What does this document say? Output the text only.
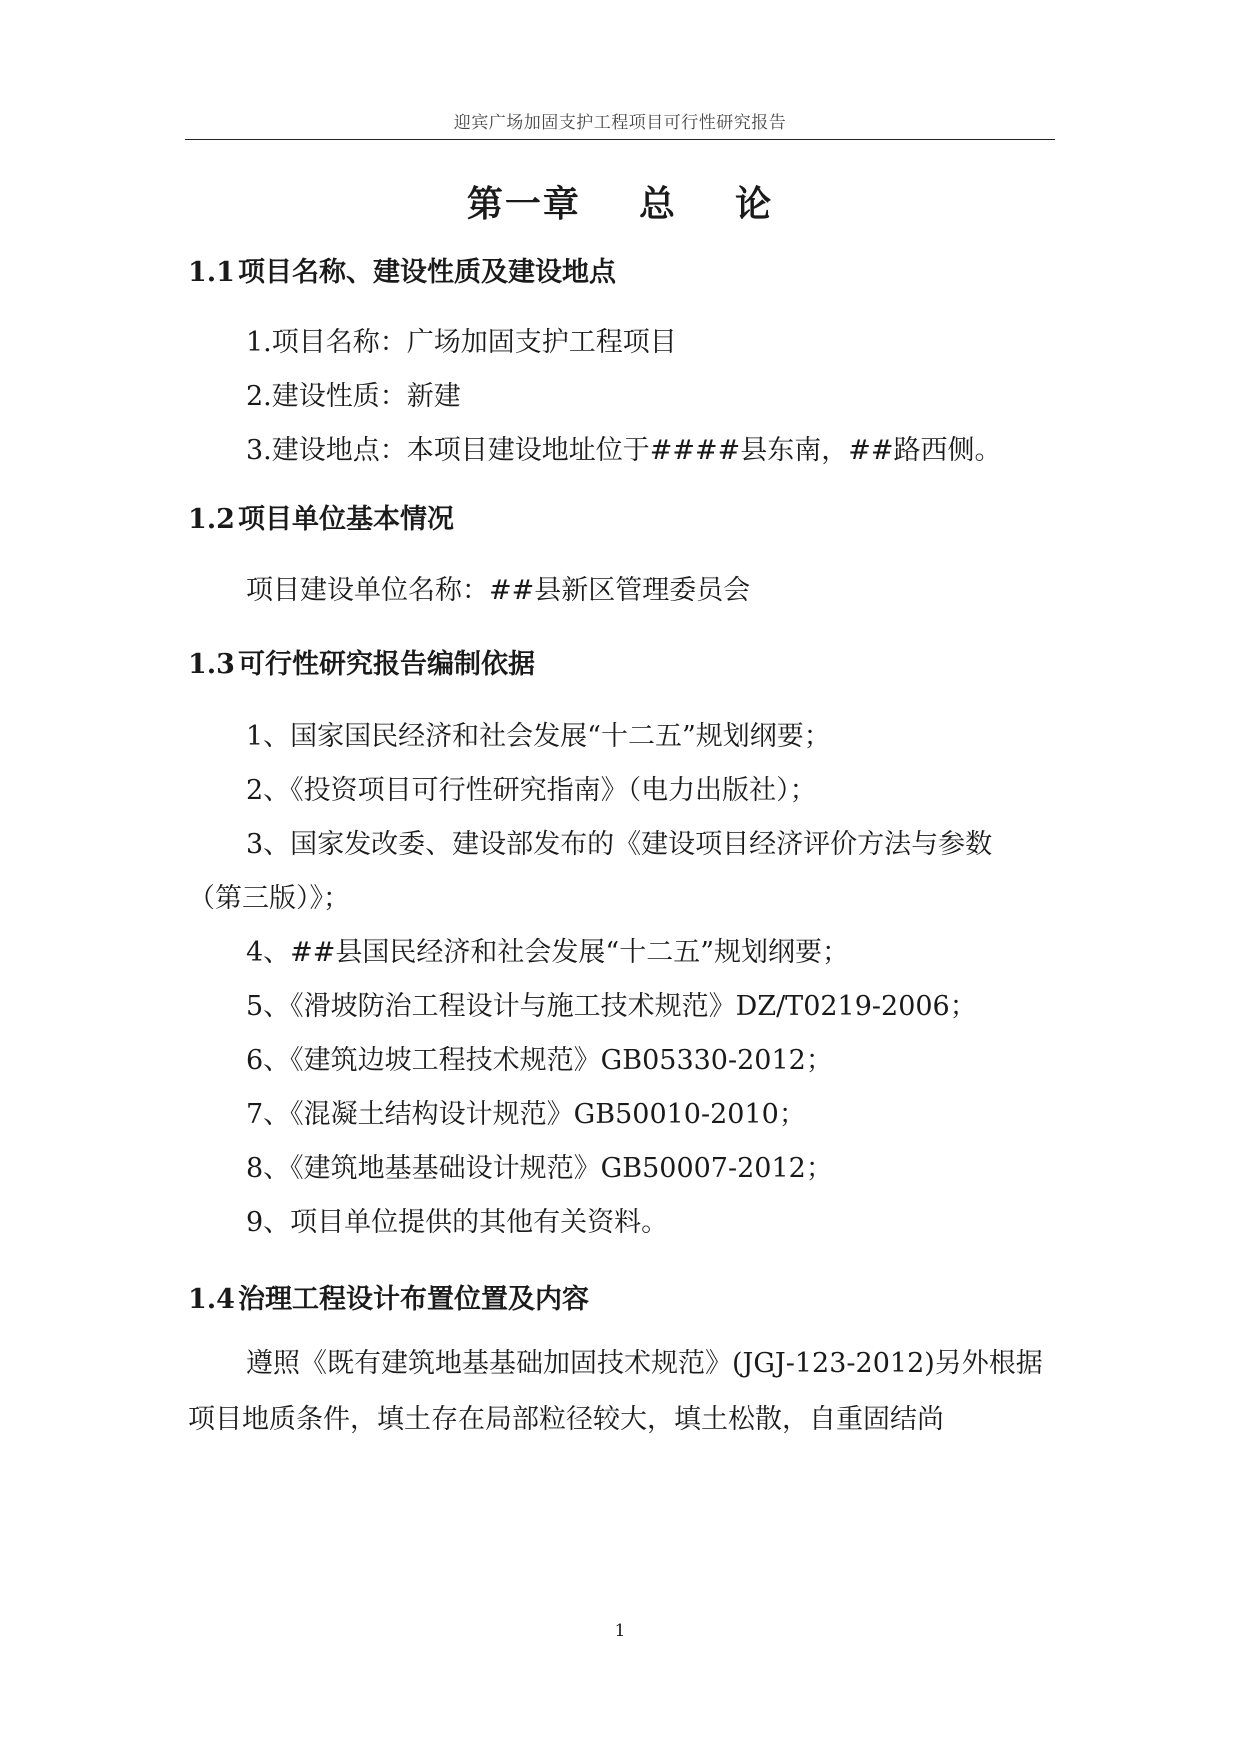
迎宾广场加固支护工程项目可行性研究报告
第一章    总    论
1.1 项目名称、建设性质及建设地点
1.项目名称：广场加固支护工程项目
2.建设性质：新建
3.建设地点：本项目建设地址位于####县东南，##路西侧。
1.2 项目单位基本情况
项目建设单位名称：##县新区管理委员会
1.3 可行性研究报告编制依据
1、国家国民经济和社会发展“十二五”规划纲要；
2、《投资项目可行性研究指南》（电力出版社）；
3、国家发改委、建设部发布的《建设项目经济评价方法与参数
（第三版）》；
4、##县国民经济和社会发展“十二五”规划纲要；
5、《滑坡防治工程设计与施工技术规范》DZ/T0219-2006；
6、《建筑边坡工程技术规范》GB05330-2012；
7、《混凝土结构设计规范》GB50010-2010；
8、《建筑地基基础设计规范》GB50007-2012；
9、项目单位提供的其他有关资料。
1.4 治理工程设计布置位置及内容
遵照《既有建筑地基基础加固技术规范》(JGJ-123-2012)另外根据项目地质条件，填土存在局部粒径较大，填土松散，自重固结尚
1
